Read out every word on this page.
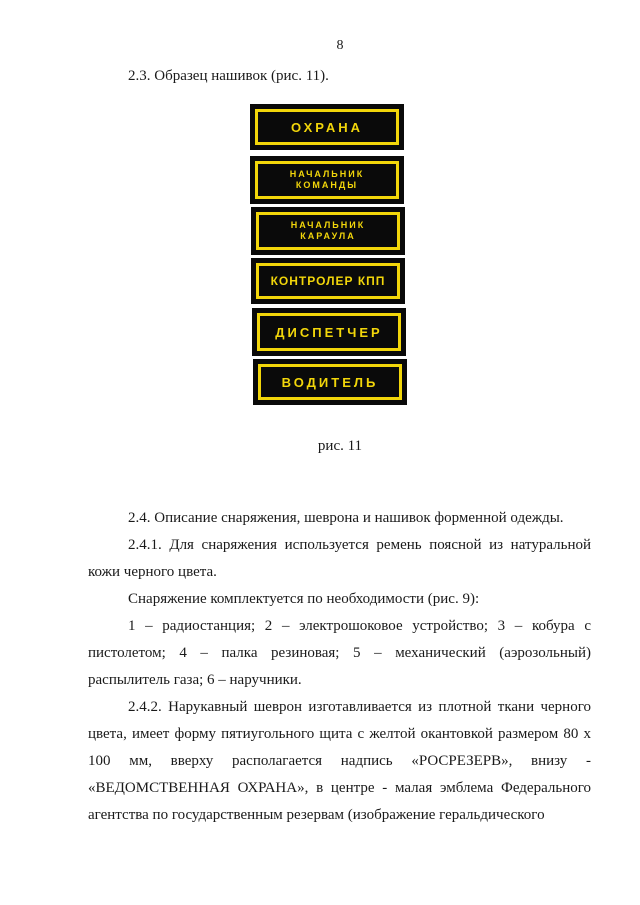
8
2.3. Образец нашивок (рис. 11).
ОХРАНА
НАЧАЛЬНИК
КОМАНДЫ
НАЧАЛЬНИК
КАРАУЛА
КОНТРОЛЕР КПП
ДИСПЕТЧЕР
ВОДИТЕЛЬ
рис. 11
2.4. Описание снаряжения, шеврона и нашивок форменной одежды.
2.4.1. Для снаряжения используется ремень поясной из натуральной кожи черного цвета.
Снаряжение комплектуется по необходимости (рис. 9):
1 – радиостанция; 2 – электрошоковое устройство; 3 – кобура с пистолетом; 4 – палка резиновая; 5 – механический (аэрозольный) распылитель газа; 6 – наручники.
2.4.2. Нарукавный шеврон изготавливается из плотной ткани черного цвета, имеет форму пятиугольного щита с желтой окантовкой размером 80 х 100 мм, вверху располагается надпись «РОСРЕЗЕРВ», внизу - «ВЕДОМСТВЕННАЯ ОХРАНА», в центре - малая эмблема Федерального агентства по государственным резервам (изображение геральдического
